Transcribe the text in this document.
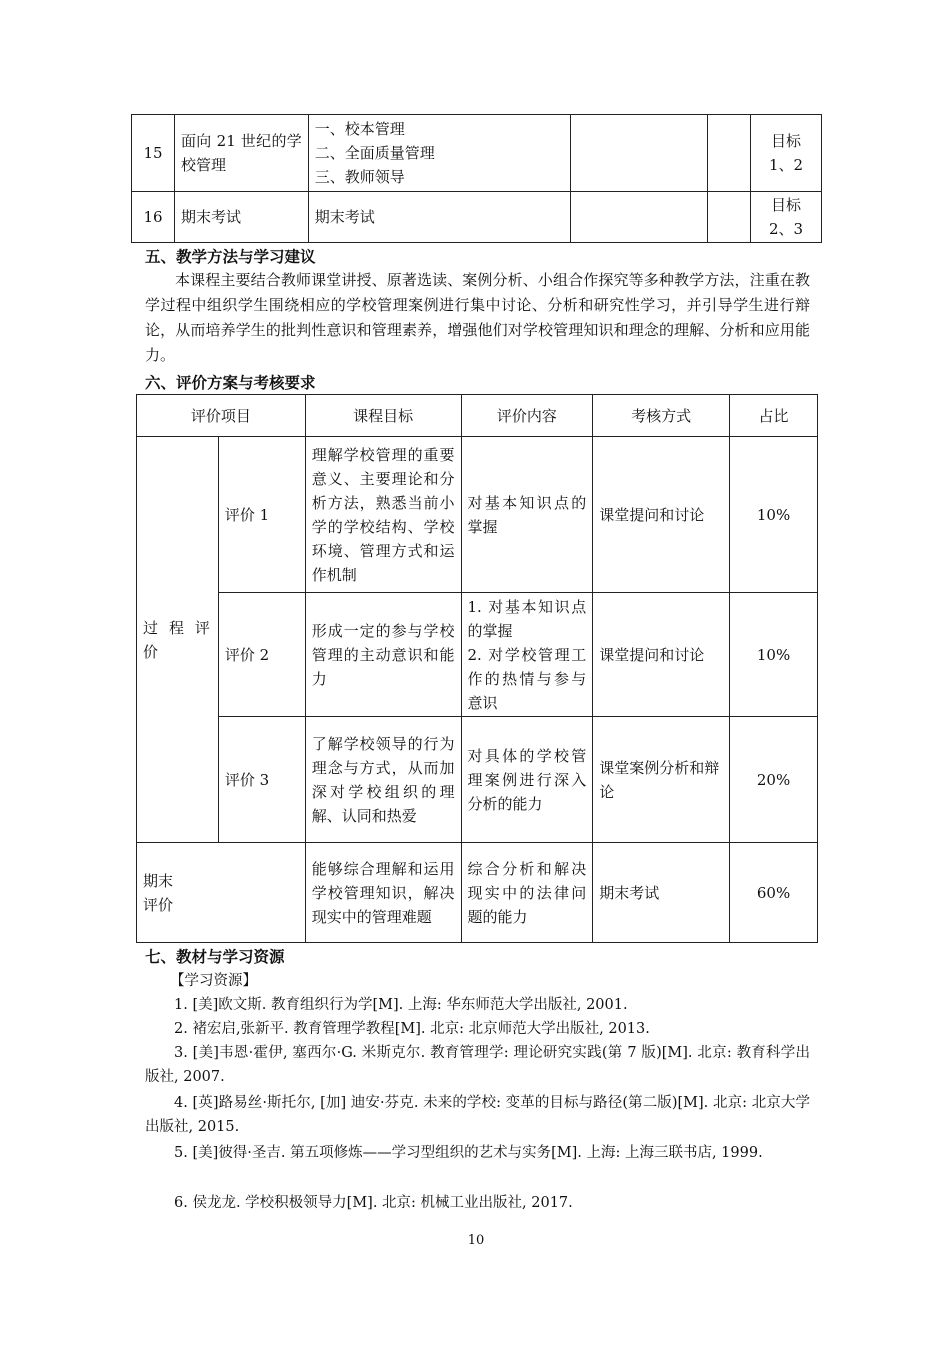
15	面向 21 世纪的学校管理	一、校本管理
二、全面质量管理
三、教师领导			目标
1、2
16	期末考试	期末考试			目标
2、3
五、教学方法与学习建议
本课程主要结合教师课堂讲授、原著选读、案例分析、小组合作探究等多种教学方法，注重在教学过程中组织学生围绕相应的学校管理案例进行集中讨论、分析和研究性学习，并引导学生进行辩论，从而培养学生的批判性意识和管理素养，增强他们对学校管理知识和理念的理解、分析和应用能力。
六、评价方案与考核要求
评价项目		课程目标	评价内容	考核方式	占比
过 程 评 价	评价 1	理解学校管理的重要意义、主要理论和分析方法，熟悉当前小学的学校结构、学校环境、管理方式和运作机制	对基本知识点的掌握	课堂提问和讨论	10%
	评价 2	形成一定的参与学校管理的主动意识和能力	1. 对基本知识点的掌握
2. 对学校管理工作的热情与参与意识	课堂提问和讨论	10%
	评价 3	了解学校领导的行为理念与方式，从而加深对学校组织的理解、认同和热爱	对具体的学校管理案例进行深入分析的能力	课堂案例分析和辩论	20%
期末
评价		能够综合理解和运用学校管理知识，解决现实中的管理难题	综合分析和解决现实中的法律问题的能力	期末考试	60%
七、教材与学习资源
【学习资源】
1. [美]欧文斯. 教育组织行为学[M]. 上海: 华东师范大学出版社, 2001.
2. 褚宏启,张新平. 教育管理学教程[M]. 北京: 北京师范大学出版社, 2013.
3. [美]韦恩·霍伊, 塞西尔·G. 米斯克尔. 教育管理学: 理论研究实践(第 7 版)[M]. 北京: 教育科学出版社, 2007.
4. [英]路易丝·斯托尔, [加] 迪安·芬克. 未来的学校: 变革的目标与路径(第二版)[M]. 北京: 北京大学出版社, 2015.
5. [美]彼得·圣吉. 第五项修炼——学习型组织的艺术与实务[M]. 上海: 上海三联书店, 1999.
6. 侯龙龙. 学校积极领导力[M]. 北京: 机械工业出版社, 2017.
10
